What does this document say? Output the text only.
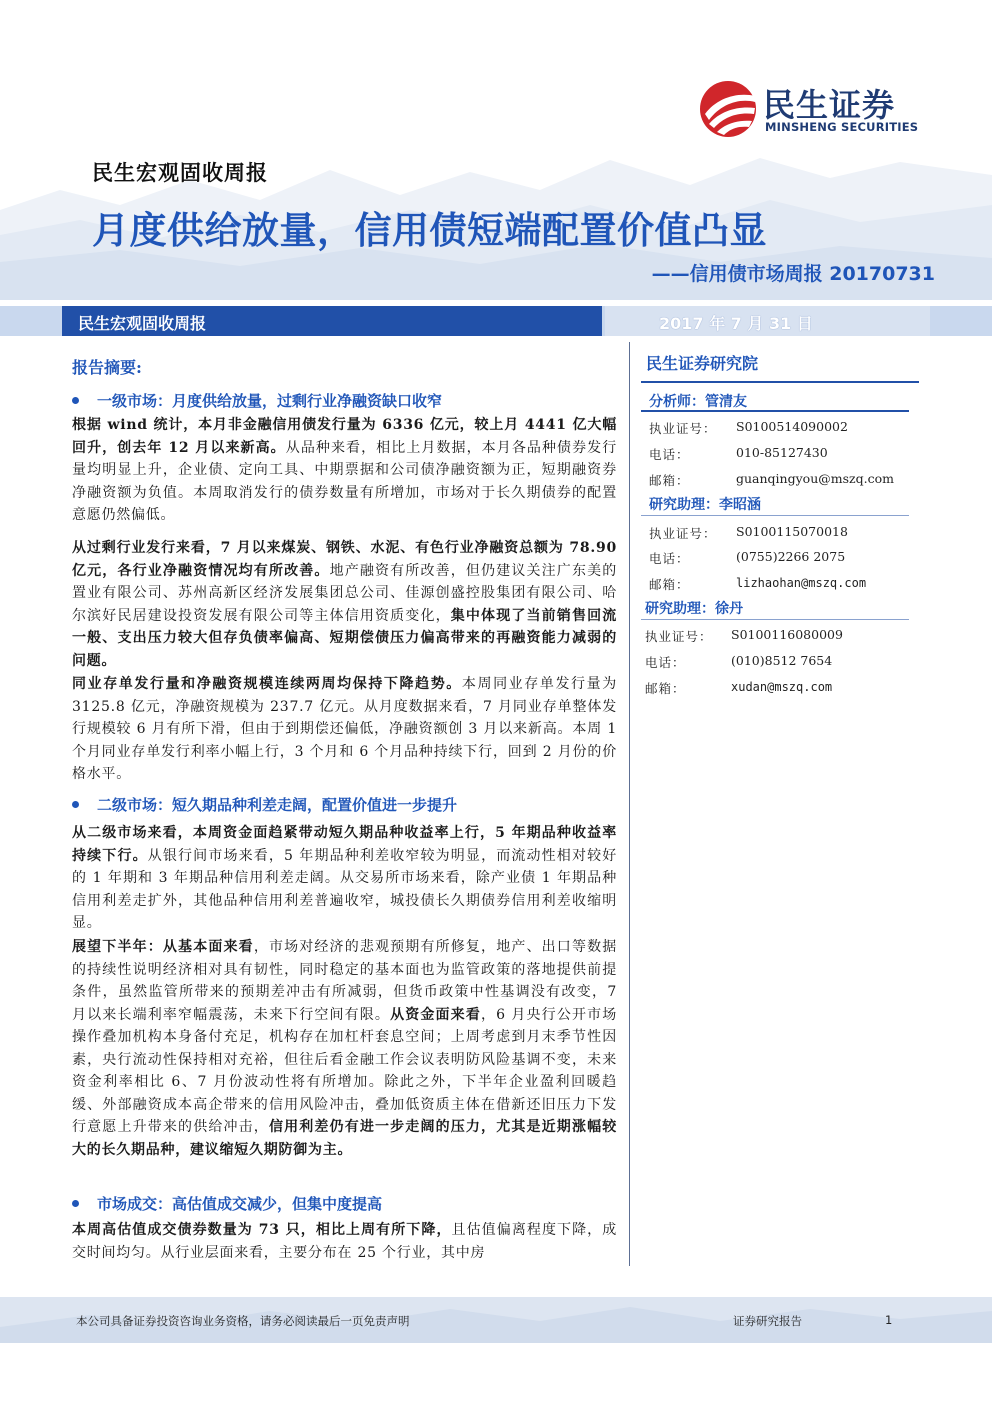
民生证券
MINSHENG SECURITIES
民生宏观固收周报
月度供给放量，信用债短端配置价值凸显
——信用债市场周报 20170731
民生宏观固收周报	2017 年 7 月 31 日
报告摘要:
一级市场：月度供给放量，过剩行业净融资缺口收窄
根据 wind 统计，本月非金融信用债发行量为 6336 亿元，较上月 4441 亿大幅回升，创去年 12 月以来新高。从品种来看，相比上月数据，本月各品种债券发行量均明显上升，企业债、定向工具、中期票据和公司债净融资额为正，短期融资券净融资额为负值。本周取消发行的债券数量有所增加，市场对于长久期债券的配置意愿仍然偏低。
从过剩行业发行来看，7 月以来煤炭、钢铁、水泥、有色行业净融资总额为 78.90 亿元，各行业净融资情况均有所改善。地产融资有所改善，但仍建议关注广东美的置业有限公司、苏州高新区经济发展集团总公司、佳源创盛控股集团有限公司、哈尔滨好民居建设投资发展有限公司等主体信用资质变化，集中体现了当前销售回流一般、支出压力较大但存负债率偏高、短期偿债压力偏高带来的再融资能力减弱的问题。
同业存单发行量和净融资规模连续两周均保持下降趋势。本周同业存单发行量为 3125.8 亿元，净融资规模为 237.7 亿元。从月度数据来看，7 月同业存单整体发行规模较 6 月有所下滑，但由于到期偿还偏低，净融资额创 3 月以来新高。本周 1 个月同业存单发行利率小幅上行，3 个月和 6 个月品种持续下行，回到 2 月份的价格水平。
二级市场：短久期品种利差走阔，配置价值进一步提升
从二级市场来看，本周资金面趋紧带动短久期品种收益率上行，5 年期品种收益率持续下行。从银行间市场来看，5 年期品种利差收窄较为明显，而流动性相对较好的 1 年期和 3 年期品种信用利差走阔。从交易所市场来看，除产业债 1 年期品种信用利差走扩外，其他品种信用利差普遍收窄，城投债长久期债券信用利差收缩明显。
展望下半年：从基本面来看，市场对经济的悲观预期有所修复，地产、出口等数据的持续性说明经济相对具有韧性，同时稳定的基本面也为监管政策的落地提供前提条件，虽然监管所带来的预期差冲击有所减弱，但货币政策中性基调没有改变，7 月以来长端利率窄幅震荡，未来下行空间有限。从资金面来看，6 月央行公开市场操作叠加机构本身备付充足，机构存在加杠杆套息空间；上周考虑到月末季节性因素，央行流动性保持相对充裕，但往后看金融工作会议表明防风险基调不变，未来资金利率相比 6、7 月份波动性将有所增加。除此之外，下半年企业盈利回暖趋缓、外部融资成本高企带来的信用风险冲击，叠加低资质主体在借新还旧压力下发行意愿上升带来的供给冲击，信用利差仍有进一步走阔的压力，尤其是近期涨幅较大的长久期品种，建议缩短久期防御为主。
市场成交：高估值成交减少，但集中度提高
本周高估值成交债券数量为 73 只，相比上周有所下降，且估值偏离程度下降，成交时间均匀。从行业层面来看，主要分布在 25 个行业，其中房
民生证券研究院
分析师：管清友
执业证号： S0100514090002
电话：	010-85127430
邮箱：	guanqingyou@mszq.com
研究助理：李昭涵
执业证号： S0100115070018
电话：	(0755)2266 2075
邮箱：	lizhaohan@mszq.com
研究助理：徐丹
执业证号： S0100116080009
电话：	(010)8512 7654
邮箱：	xudan@mszq.com
本公司具备证券投资咨询业务资格，请务必阅读最后一页免责声明	证券研究报告	1
